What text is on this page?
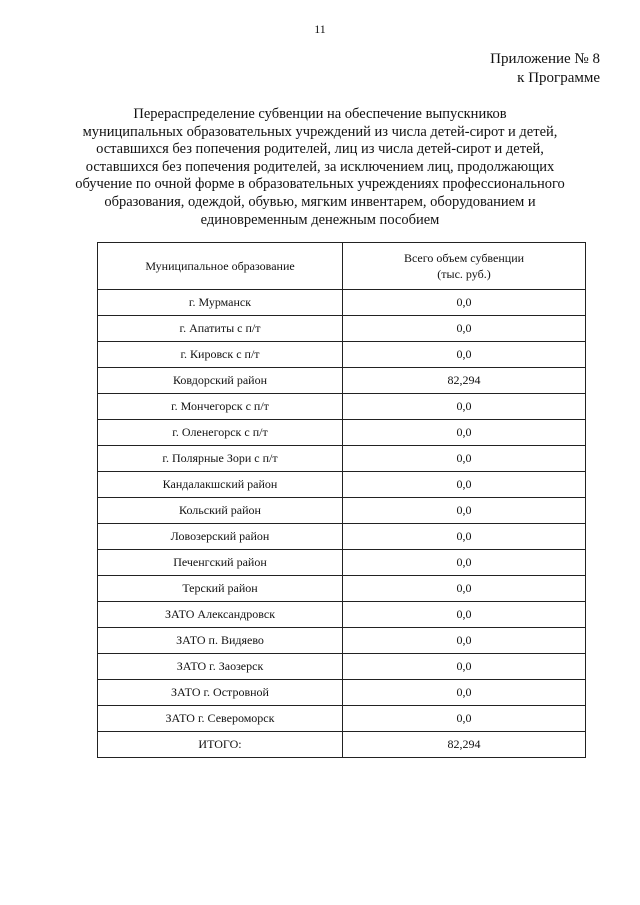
11
Приложение № 8
к Программе
Перераспределение субвенции на обеспечение выпускников
муниципальных образовательных учреждений из числа детей-сирот и детей,
оставшихся без попечения родителей, лиц из числа детей-сирот и детей,
оставшихся без попечения родителей, за исключением лиц, продолжающих
обучение по очной форме в образовательных учреждениях профессионального
образования, одеждой, обувью, мягким инвентарем, оборудованием и
единовременным денежным пособием
Муниципальное образование	Всего объем субвенции
(тыс. руб.)

г. Мурманск	0,0
г. Апатиты с п/т	0,0
г. Кировск с п/т	0,0
Ковдорский район	82,294
г. Мончегорск с п/т	0,0
г. Оленегорск с п/т	0,0
г. Полярные Зори с п/т	0,0
Кандалакшский район	0,0
Кольский район	0,0
Ловозерский район	0,0
Печенгский район	0,0
Терский район	0,0
ЗАТО Александровск	0,0
ЗАТО п. Видяево	0,0
ЗАТО г. Заозерск	0,0
ЗАТО г. Островной	0,0
ЗАТО г. Североморск	0,0
ИТОГО:	82,294
